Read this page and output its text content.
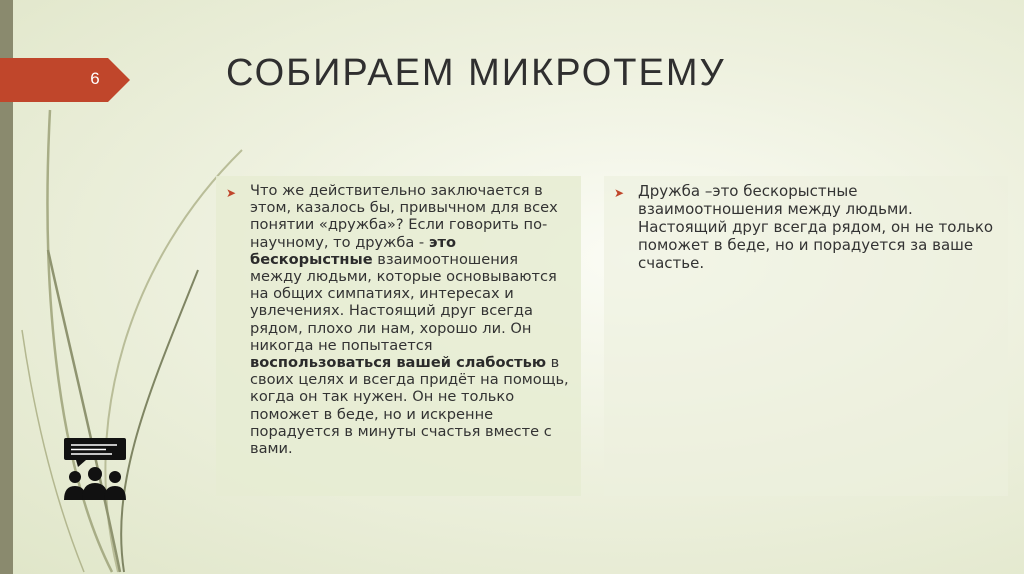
6	СОБИРАЕМ МИКРОТЕМУ
➤ Что же действительно заключается в этом, казалось бы, привычном для всех понятии «дружба»? Если говорить по-научному, то дружба - это бескорыстные взаимоотношения между людьми, которые основываются на общих симпатиях, интересах и увлечениях. Настоящий друг всегда рядом, плохо ли нам, хорошо ли. Он никогда не попытается воспользоваться вашей слабостью в своих целях и всегда придёт на помощь, когда он так нужен. Он не только поможет в беде, но и искренне порадуется в минуты счастья вместе с вами.

➤ Дружба –это бескорыстные взаимоотношения между людьми. Настоящий друг всегда рядом, он не только поможет в беде, но и порадуется за ваше счастье.
